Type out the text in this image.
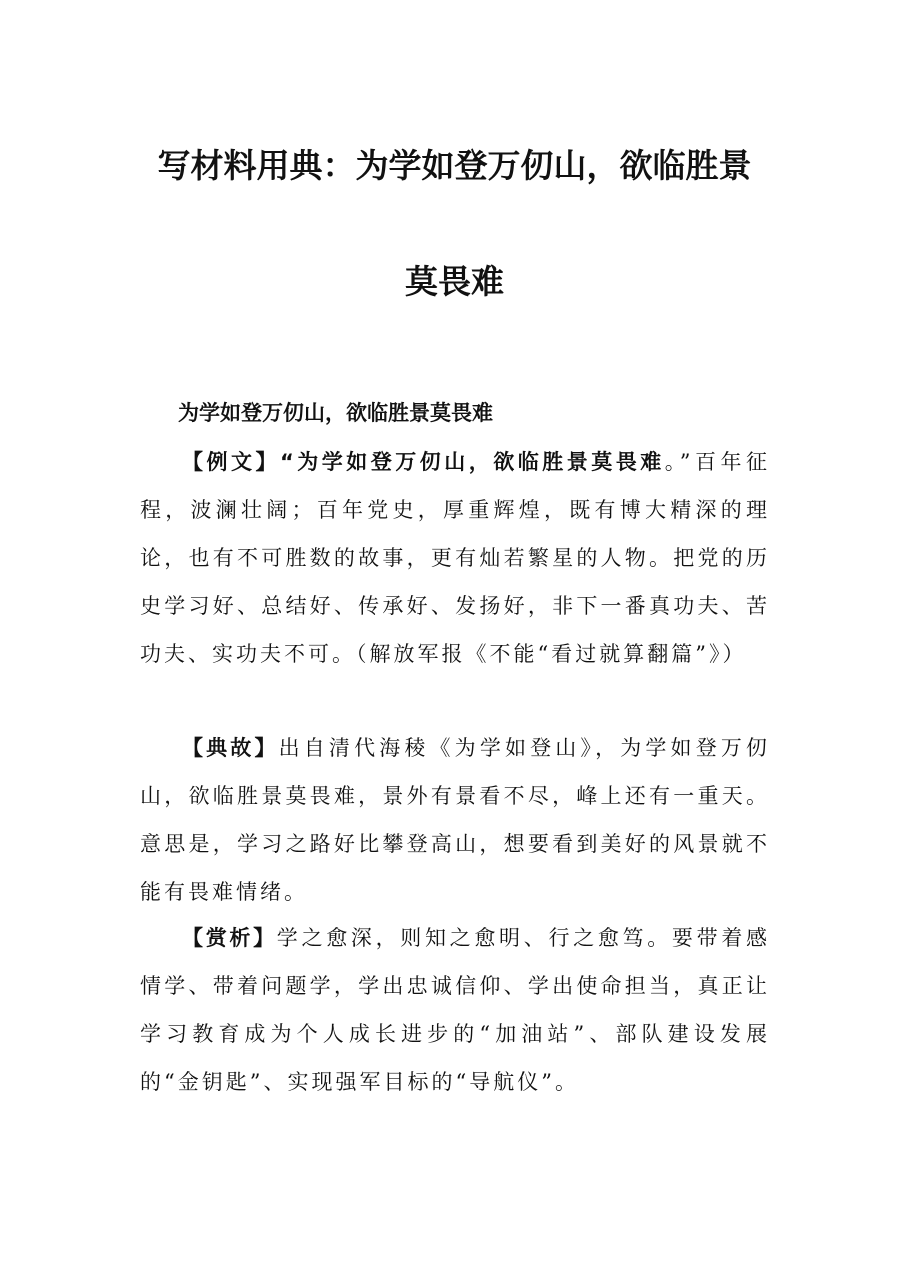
写材料用典：为学如登万仞山，欲临胜景
莫畏难
为学如登万仞山，欲临胜景莫畏难

【例文】“为学如登万仞山，欲临胜景莫畏难。”百年征程，波澜壮阔；百年党史，厚重辉煌，既有博大精深的理论，也有不可胜数的故事，更有灿若繁星的人物。把党的历史学习好、总结好、传承好、发扬好，非下一番真功夫、苦功夫、实功夫不可。（解放军报《不能“看过就算翻篇”》）

【典故】出自清代海稜《为学如登山》，为学如登万仞山，欲临胜景莫畏难，景外有景看不尽，峰上还有一重天。意思是，学习之路好比攀登高山，想要看到美好的风景就不能有畏难情绪。

【赏析】学之愈深，则知之愈明、行之愈笃。要带着感情学、带着问题学，学出忠诚信仰、学出使命担当，真正让学习教育成为个人成长进步的“加油站”、部队建设发展的“金钥匙”、实现强军目标的“导航仪”。
